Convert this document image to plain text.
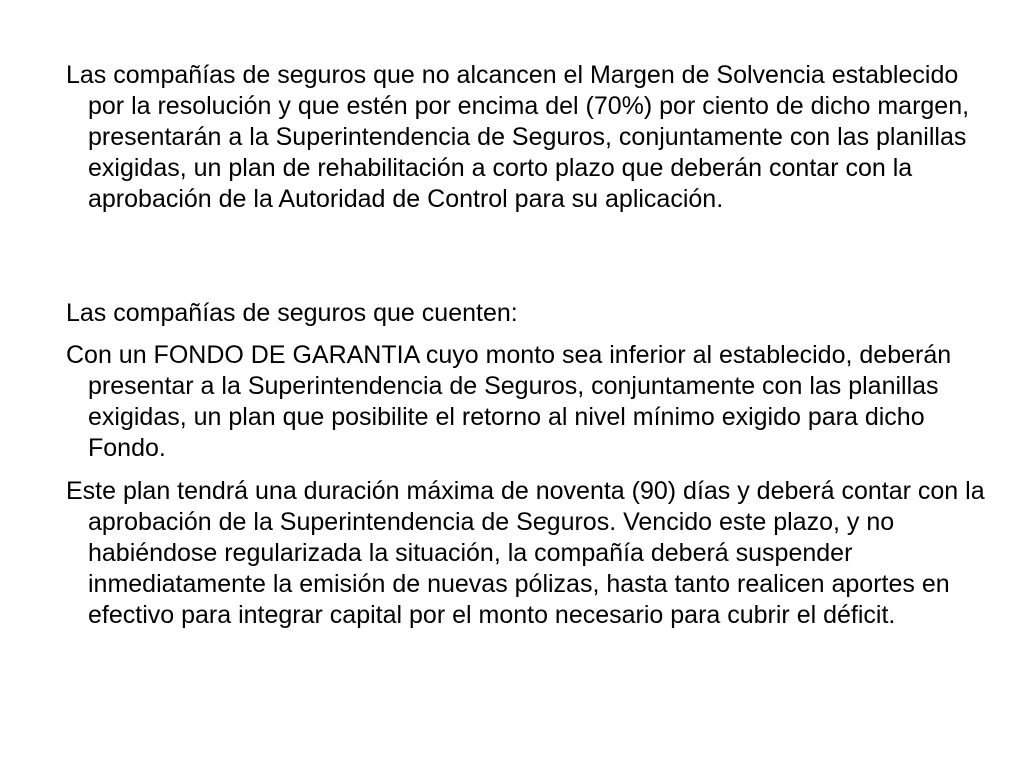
Las compañías de seguros que no alcancen el Margen de Solvencia establecido por la resolución y que estén por encima del (70%) por ciento de dicho margen, presentarán a la Superintendencia de Seguros, conjuntamente con las planillas exigidas, un plan de rehabilitación a corto plazo que deberán contar con la aprobación de la Autoridad de Control para su aplicación.

Las compañías de seguros que cuenten:

Con un FONDO DE GARANTIA cuyo monto sea inferior al establecido, deberán presentar a la Superintendencia de Seguros, conjuntamente con las planillas exigidas, un plan que posibilite el retorno al nivel mínimo exigido para dicho Fondo.

Este plan tendrá una duración máxima de noventa (90) días y deberá contar con la aprobación de la Superintendencia de Seguros. Vencido este plazo, y no habiéndose regularizada la situación, la compañía deberá suspender inmediatamente la emisión de nuevas pólizas, hasta tanto realicen aportes en efectivo para integrar capital por el monto necesario para cubrir el déficit.
